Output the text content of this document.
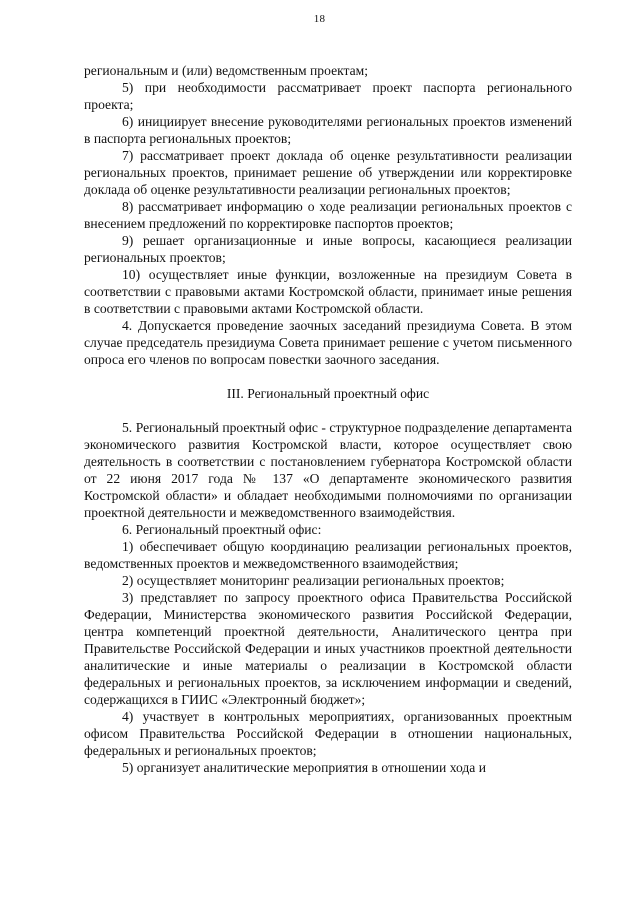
18

региональным и (или) ведомственным проектам;

5) при необходимости рассматривает проект паспорта регионального проекта;

6) инициирует внесение руководителями региональных проектов изменений в паспорта региональных проектов;

7) рассматривает проект доклада об оценке результативности реализации региональных проектов, принимает решение об утверждении или корректировке доклада об оценке результативности реализации региональных проектов;

8) рассматривает информацию о ходе реализации региональных проектов с внесением предложений по корректировке паспортов проектов;

9) решает организационные и иные вопросы, касающиеся реализации региональных проектов;

10) осуществляет иные функции, возложенные на президиум Совета в соответствии с правовыми актами Костромской области, принимает иные решения в соответствии с правовыми актами Костромской области.

4. Допускается проведение заочных заседаний президиума Совета. В этом случае председатель президиума Совета принимает решение с учетом письменного опроса его членов по вопросам повестки заочного заседания.

III. Региональный проектный офис

5. Региональный проектный офис - структурное подразделение департамента экономического развития Костромской власти, которое осуществляет свою деятельность в соответствии с постановлением губернатора Костромской области от 22 июня 2017 года № 137 «О департаменте экономического развития Костромской области» и обладает необходимыми полномочиями по организации проектной деятельности и межведомственного взаимодействия.

6. Региональный проектный офис:

1) обеспечивает общую координацию реализации региональных проектов, ведомственных проектов и межведомственного взаимодействия;

2) осуществляет мониторинг реализации региональных проектов;

3) представляет по запросу проектного офиса Правительства Российской Федерации, Министерства экономического развития Российской Федерации, центра компетенций проектной деятельности, Аналитического центра при Правительстве Российской Федерации и иных участников проектной деятельности аналитические и иные материалы о реализации в Костромской области федеральных и региональных проектов, за исключением информации и сведений, содержащихся в ГИИС «Электронный бюджет»;

4) участвует в контрольных мероприятиях, организованных проектным офисом Правительства Российской Федерации в отношении национальных, федеральных и региональных проектов;

5) организует аналитические мероприятия в отношении хода и
